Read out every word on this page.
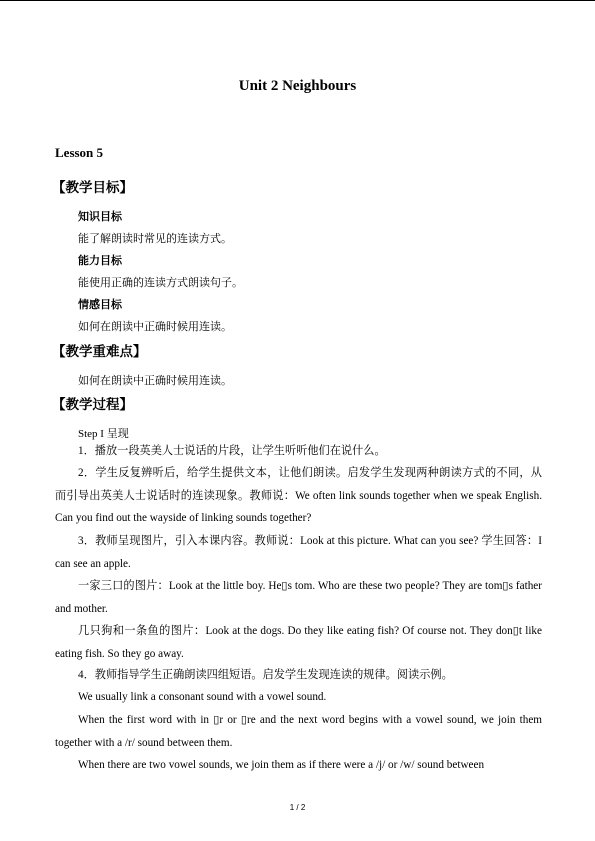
Unit 2 Neighbours
Lesson 5
【教学目标】
知识目标
能了解朗读时常见的连读方式。
能力目标
能使用正确的连读方式朗读句子。
情感目标
如何在朗读中正确时候用连读。
【教学重难点】
如何在朗读中正确时候用连读。
【教学过程】
Step I 呈现
1．播放一段英美人士说话的片段，让学生听听他们在说什么。
2．学生反复辨听后，给学生提供文本，让他们朗读。启发学生发现两种朗读方式的不同，从而引导出英美人士说话时的连读现象。教师说：We often link sounds together when we speak English. Can you find out the wayside of linking sounds together?
3．教师呈现图片，引入本课内容。教师说：Look at this picture. What can you see? 学生回答：I can see an apple.
一家三口的图片：Look at the little boy. He▯s tom. Who are these two people? They are tom▯s father and mother.
几只狗和一条鱼的图片：Look at the dogs. Do they like eating fish? Of course not. They don▯t like eating fish. So they go away.
4．教师指导学生正确朗读四组短语。启发学生发现连读的规律。阅读示例。
We usually link a consonant sound with a vowel sound.
When the first word with in ▯r or ▯re and the next word begins with a vowel sound, we join them together with a /r/ sound between them.
When there are two vowel sounds, we join them as if there were a /j/ or /w/ sound between
1 / 2
